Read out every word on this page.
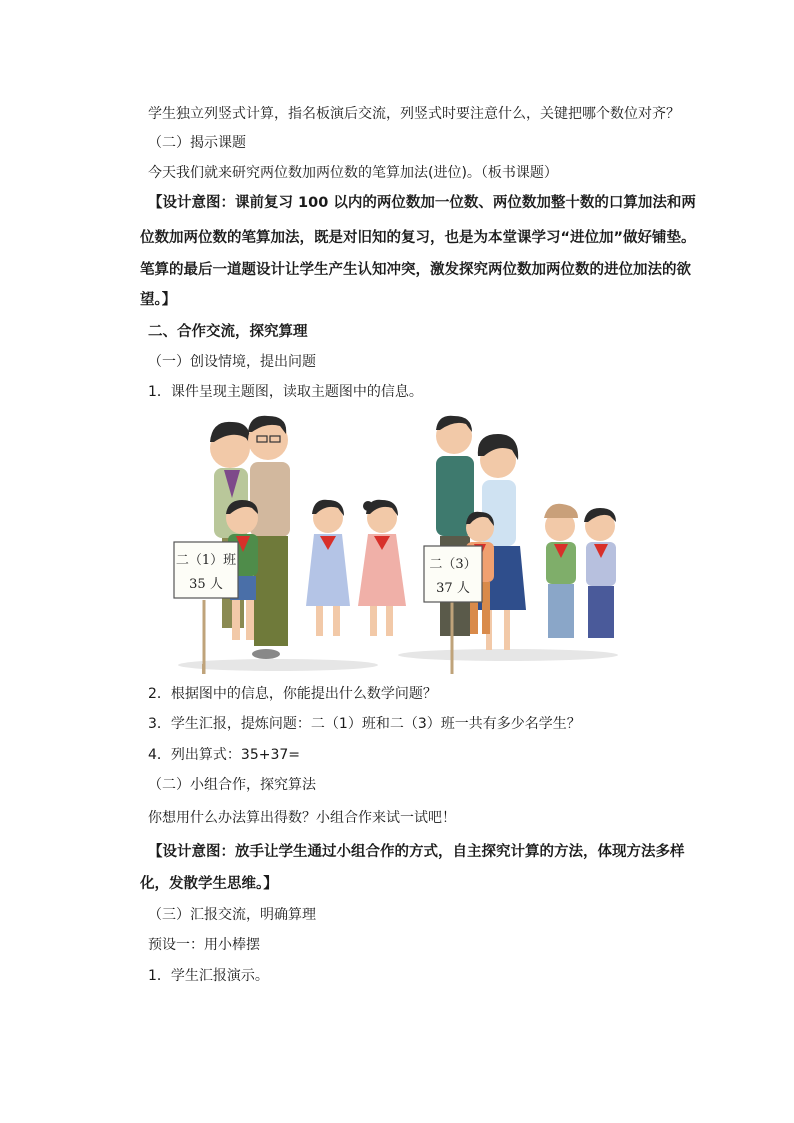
学生独立列竖式计算，指名板演后交流，列竖式时要注意什么，关键把哪个数位对齐？
（二）揭示课题
今天我们就来研究两位数加两位数的笔算加法(进位)。（板书课题）
【设计意图：课前复习 100 以内的两位数加一位数、两位数加整十数的口算加法和两
位数加两位数的笔算加法，既是对旧知的复习，也是为本堂课学习“进位加”做好铺垫。
笔算的最后一道题设计让学生产生认知冲突，激发探究两位数加两位数的进位加法的欲
望。】
二、合作交流，探究算理
（一）创设情境，提出问题
1．课件呈现主题图，读取主题图中的信息。
二（1）班
35 人
二（3）
37 人
2．根据图中的信息，你能提出什么数学问题？
3．学生汇报，提炼问题：二（1）班和二（3）班一共有多少名学生？
4．列出算式：35+37=
（二）小组合作，探究算法
你想用什么办法算出得数？小组合作来试一试吧！
【设计意图：放手让学生通过小组合作的方式，自主探究计算的方法，体现方法多样
化，发散学生思维。】
（三）汇报交流，明确算理
预设一：用小棒摆
1．学生汇报演示。
